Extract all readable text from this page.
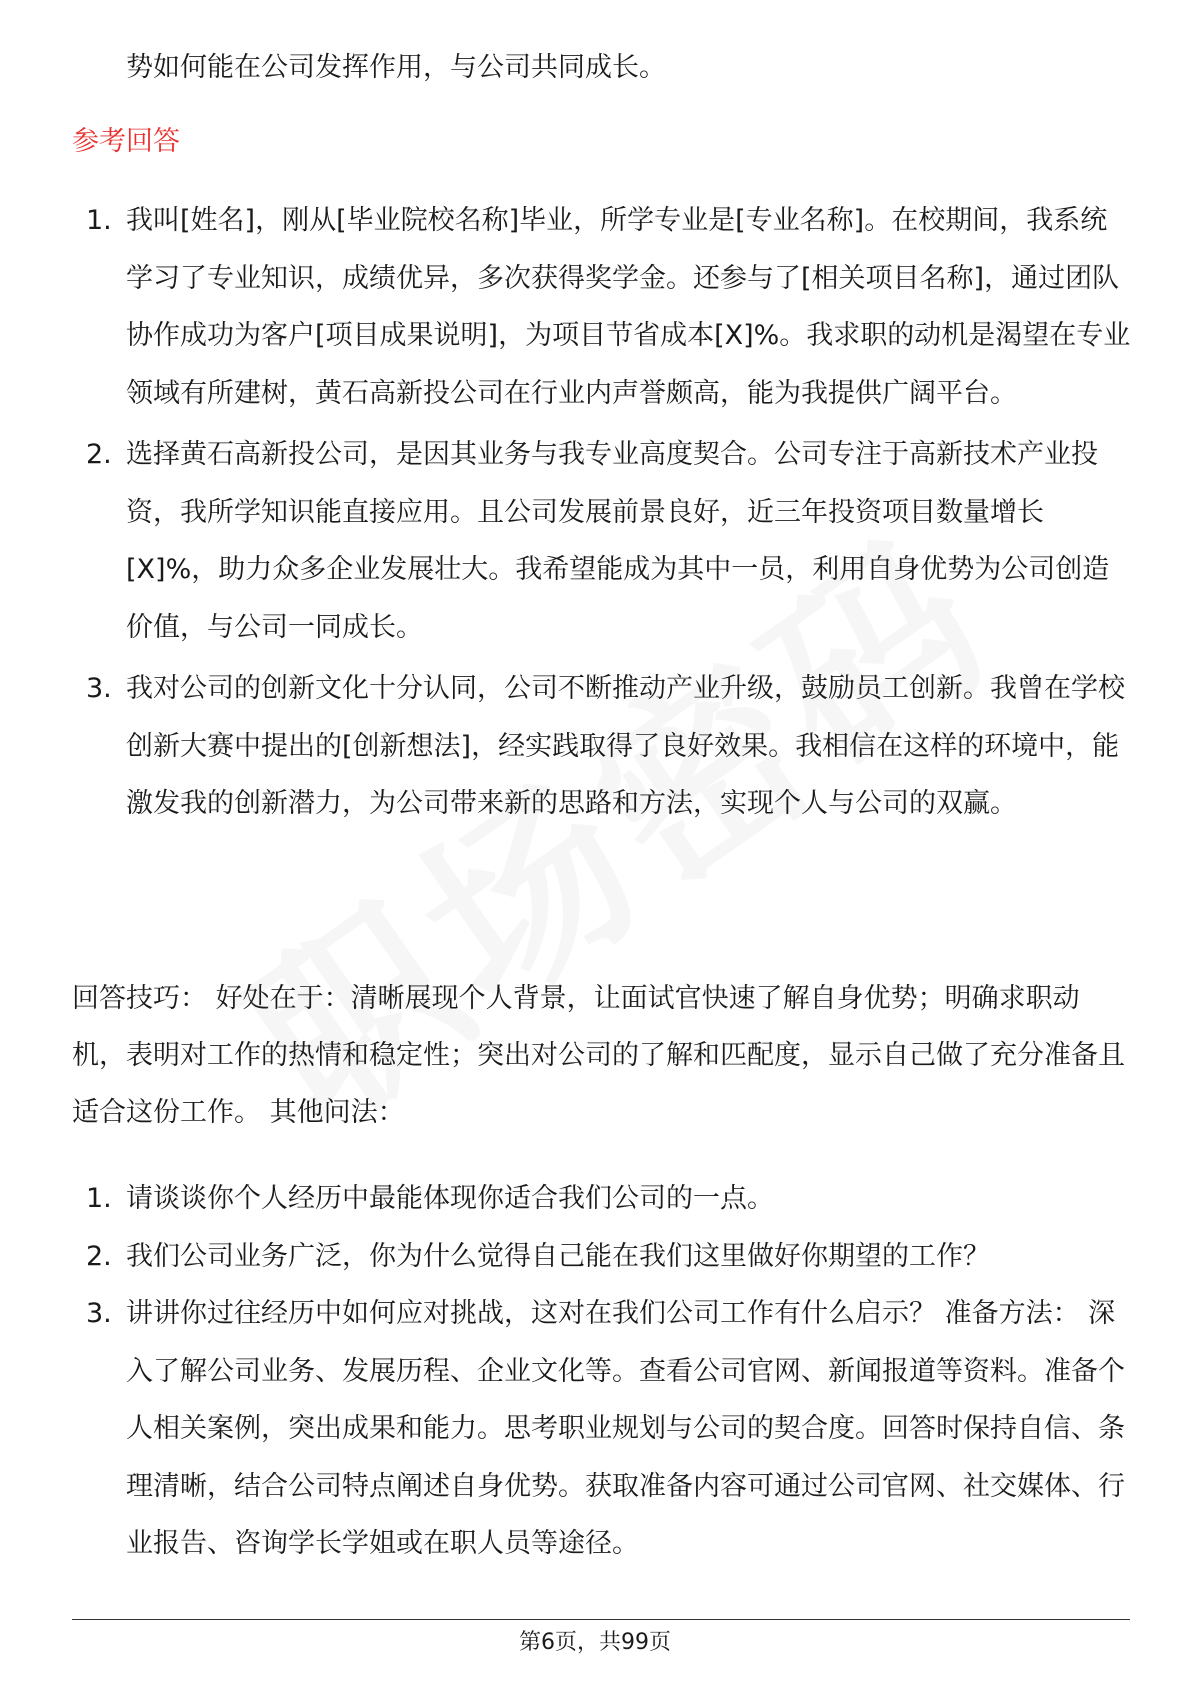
势如何能在公司发挥作用，与公司共同成长。

参考回答
1. 我叫[姓名]，刚从[毕业院校名称]毕业，所学专业是[专业名称]。在校期间，我系统学习了专业知识，成绩优异，多次获得奖学金。还参与了[相关项目名称]，通过团队协作成功为客户[项目成果说明]，为项目节省成本[X]%。我求职的动机是渴望在专业领域有所建树，黄石高新投公司在行业内声誉颇高，能为我提供广阔平台。
2. 选择黄石高新投公司，是因其业务与我专业高度契合。公司专注于高新技术产业投资，我所学知识能直接应用。且公司发展前景良好，近三年投资项目数量增长[X]%，助力众多企业发展壮大。我希望能成为其中一员，利用自身优势为公司创造价值，与公司一同成长。
3. 我对公司的创新文化十分认同，公司不断推动产业升级，鼓励员工创新。我曾在学校创新大赛中提出的[创新想法]，经实践取得了良好效果。我相信在这样的环境中，能激发我的创新潜力，为公司带来新的思路和方法，实现个人与公司的双赢。

回答技巧： 好处在于：清晰展现个人背景，让面试官快速了解自身优势；明确求职动机，表明对工作的热情和稳定性；突出对公司的了解和匹配度，显示自己做了充分准备且适合这份工作。 其他问法：

1. 请谈谈你个人经历中最能体现你适合我们公司的一点。
2. 我们公司业务广泛，你为什么觉得自己能在我们这里做好你期望的工作？
3. 讲讲你过往经历中如何应对挑战，这对在我们公司工作有什么启示？ 准备方法： 深入了解公司业务、发展历程、企业文化等。查看公司官网、新闻报道等资料。准备个人相关案例，突出成果和能力。思考职业规划与公司的契合度。回答时保持自信、条理清晰，结合公司特点阐述自身优势。获取准备内容可通过公司官网、社交媒体、行业报告、咨询学长学姐或在职人员等途径。
第6页，共99页
